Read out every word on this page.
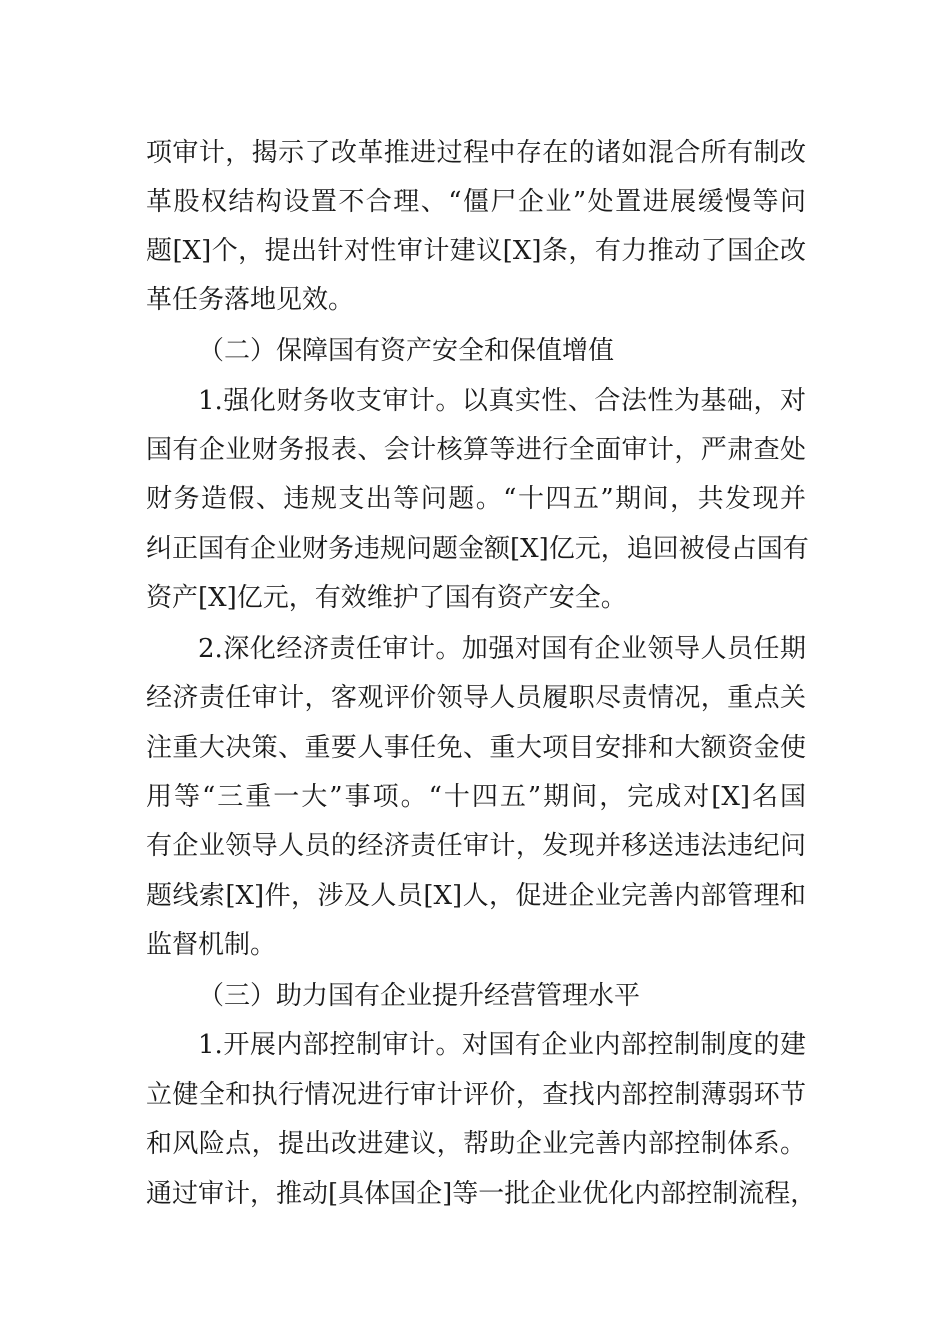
项审计，揭示了改革推进过程中存在的诸如混合所有制改
革股权结构设置不合理、“僵尸企业”处置进展缓慢等问
题[X]个，提出针对性审计建议[X]条，有力推动了国企改
革任务落地见效。
（二）保障国有资产安全和保值增值
1.强化财务收支审计。以真实性、合法性为基础，对
国有企业财务报表、会计核算等进行全面审计，严肃查处
财务造假、违规支出等问题。“十四五”期间，共发现并
纠正国有企业财务违规问题金额[X]亿元，追回被侵占国有
资产[X]亿元，有效维护了国有资产安全。
2.深化经济责任审计。加强对国有企业领导人员任期
经济责任审计，客观评价领导人员履职尽责情况，重点关
注重大决策、重要人事任免、重大项目安排和大额资金使
用等“三重一大”事项。“十四五”期间，完成对[X]名国
有企业领导人员的经济责任审计，发现并移送违法违纪问
题线索[X]件，涉及人员[X]人，促进企业完善内部管理和
监督机制。
（三）助力国有企业提升经营管理水平
1.开展内部控制审计。对国有企业内部控制制度的建
立健全和执行情况进行审计评价，查找内部控制薄弱环节
和风险点，提出改进建议，帮助企业完善内部控制体系。
通过审计，推动[具体国企]等一批企业优化内部控制流程，
